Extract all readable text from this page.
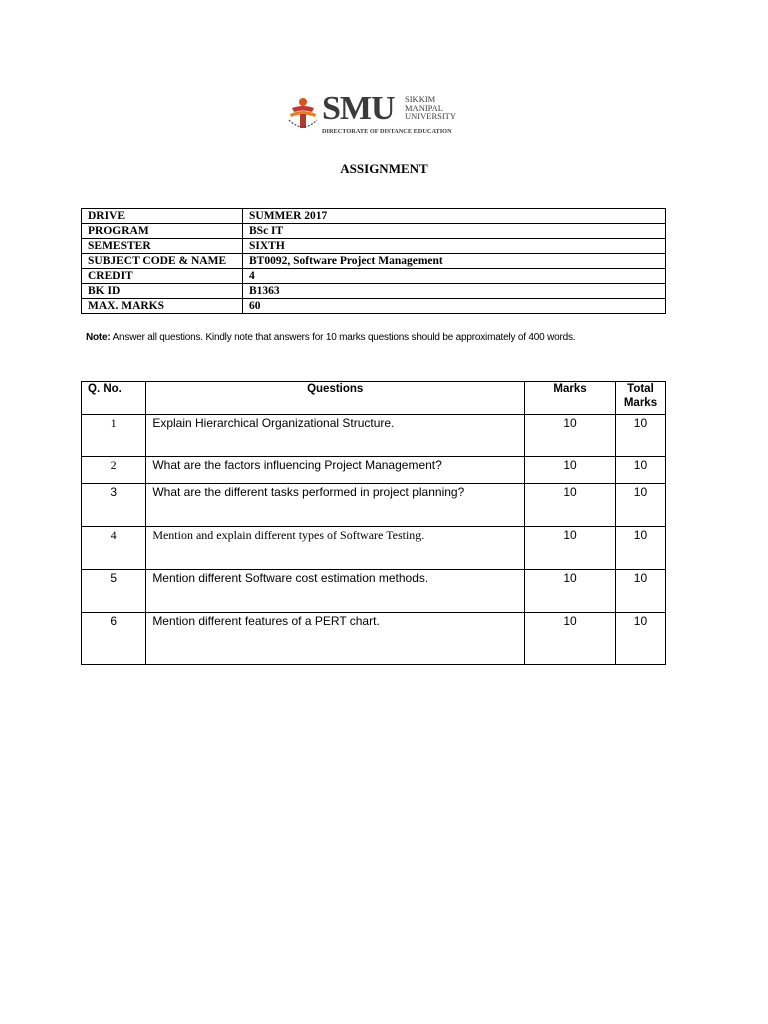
SMU SIKKIM
MANIPAL
UNIVERSITY
DIRECTORATE OF DISTANCE EDUCATION
ASSIGNMENT
DRIVE	SUMMER 2017
PROGRAM	BSc IT
SEMESTER	SIXTH
SUBJECT CODE & NAME	BT0092, Software Project Management
CREDIT	4
BK ID	B1363
MAX. MARKS	60
Note: Answer all questions. Kindly note that answers for 10 marks questions should be approximately of 400 words.
Q. No.	Questions	Marks	Total Marks
1	Explain Hierarchical Organizational Structure.	10	10
2	What are the factors influencing Project Management?	10	10
3	What are the different tasks performed in project planning?	10	10
4	Mention and explain different types of Software Testing.	10	10
5	Mention different Software cost estimation methods.	10	10
6	Mention different features of a PERT chart.	10	10
